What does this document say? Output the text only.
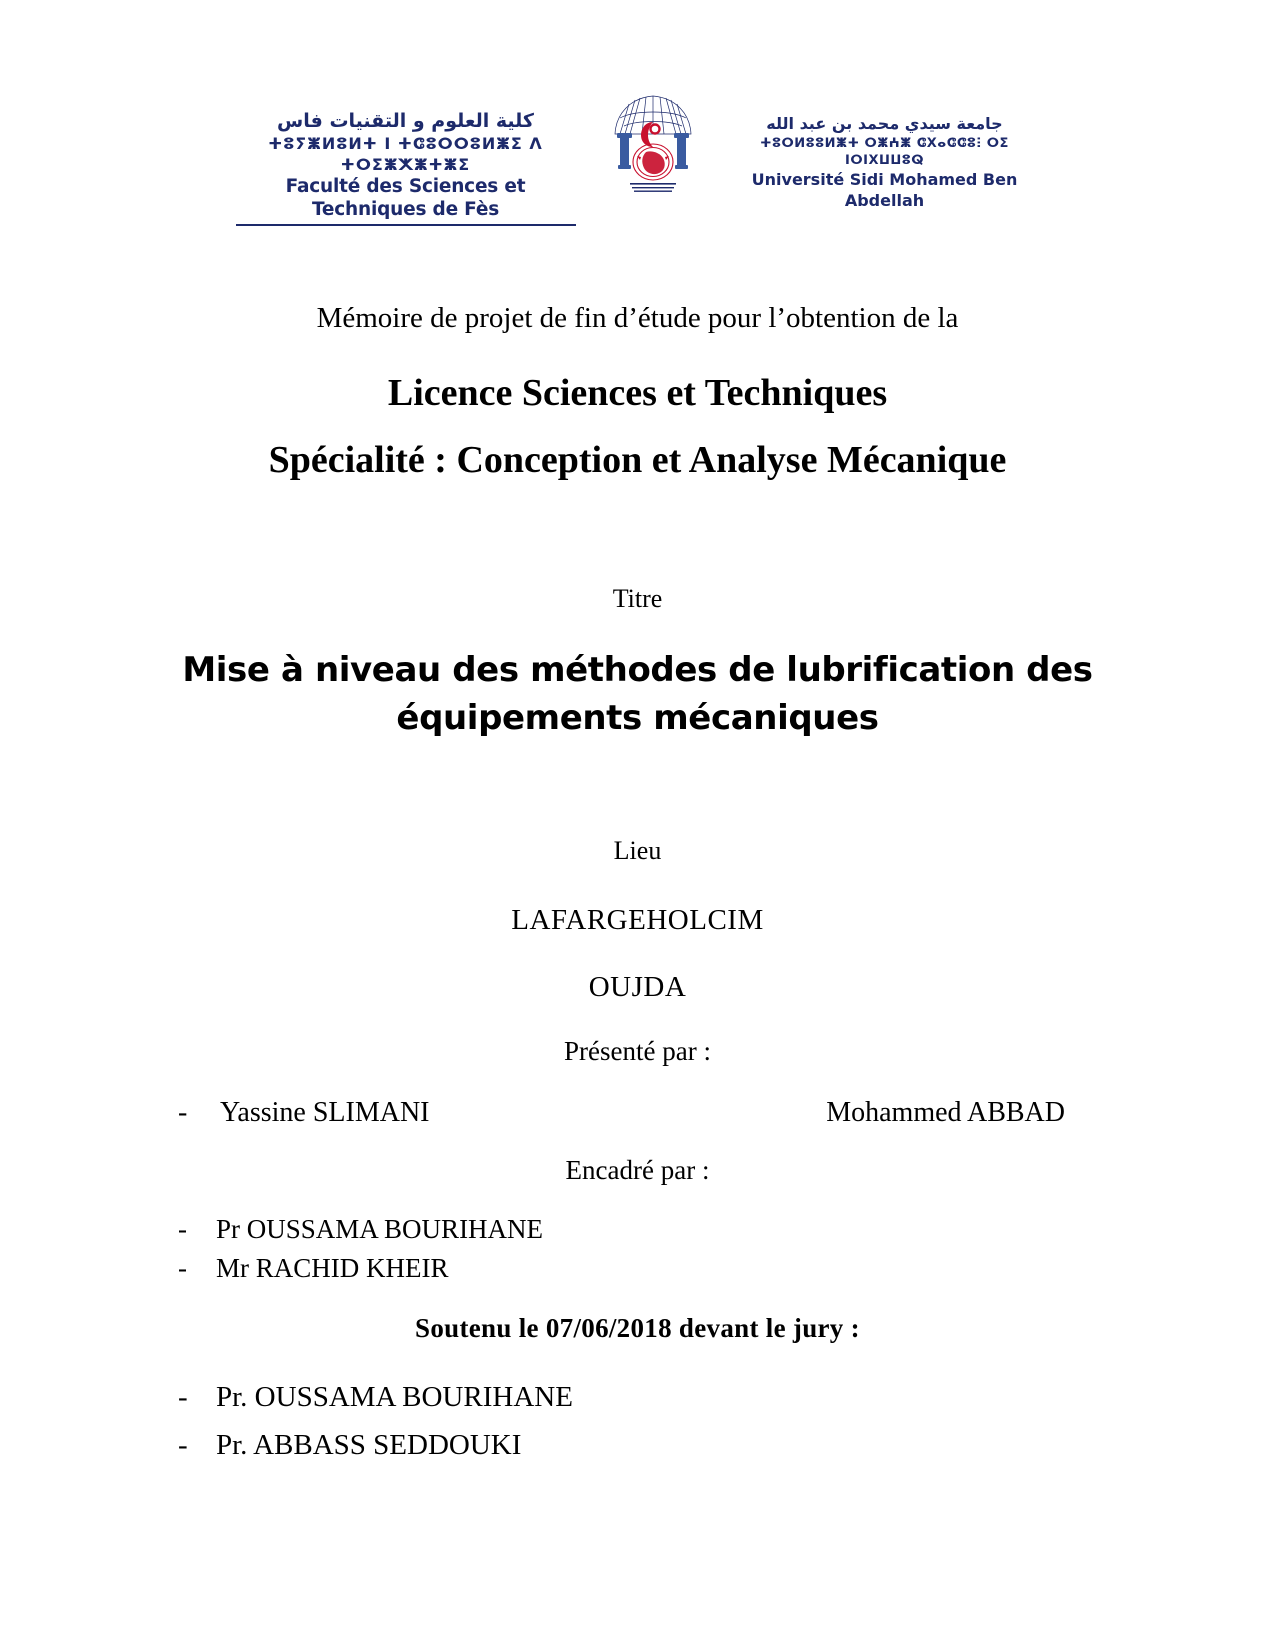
كلية العلوم و التقنيات فاس
ⵜⵓⵢⵥⵍⵓⵍⵜ Ⅰ ⵜⵛⵓⵔⵔⵓⵍⵥⵉ Ʌ ⵜⵔⵉⵥⵅⵥⵜⵥⵉ
Faculté des Sciences et Techniques de Fès
جامعة سيدي محمد بن عبد الله
ⵜⵓⵔⵍⵓⵓⵍⵥⵜ ⵔⵥⵄⵥ ⵛⵝⴰⵛⵛⵓⵗ ⵔⵉ ⵏⵔⵏⵝⵡⵡⵓⵕ
Université Sidi Mohamed Ben Abdellah
Mémoire de projet de fin d’étude pour l’obtention de la
Licence Sciences et Techniques
Spécialité : Conception et Analyse Mécanique
Titre
Mise à niveau des méthodes de lubrification des
équipements mécaniques
Lieu
LAFARGEHOLCIM
OUJDA
Présenté par :
-	Yassine SLIMANI	Mohammed ABBAD
Encadré par :
-	Pr OUSSAMA BOURIHANE
-	Mr RACHID KHEIR
Soutenu le 07/06/2018 devant le jury :
- Pr. OUSSAMA BOURIHANE
- Pr. ABBASS SEDDOUKI
